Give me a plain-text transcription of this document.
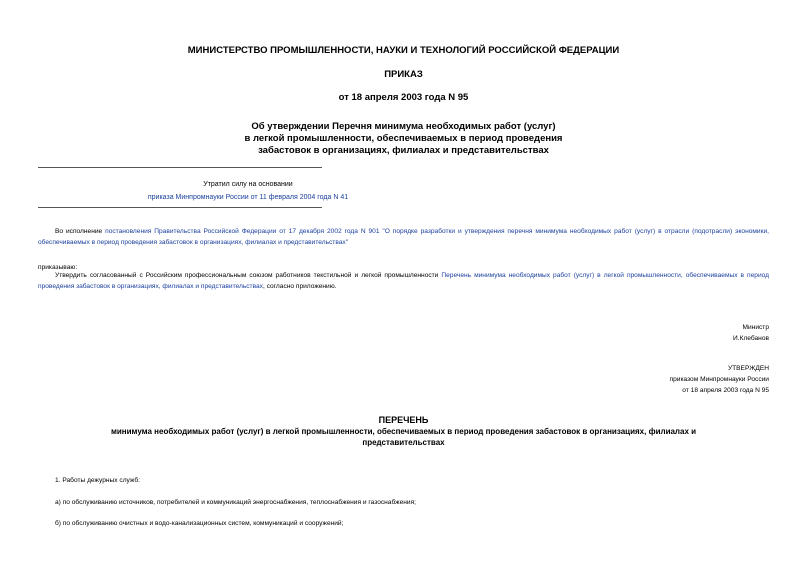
МИНИСТЕРСТВО ПРОМЫШЛЕННОСТИ, НАУКИ И ТЕХНОЛОГИЙ РОССИЙСКОЙ ФЕДЕРАЦИИ
ПРИКАЗ
от 18 апреля 2003 года N 95
Об утверждении Перечня минимума необходимых работ (услуг)
в легкой промышленности, обеспечиваемых в период проведения
забастовок в организациях, филиалах и представительствах
Утратил силу на основании
приказа Минпромнауки России от 11 февраля 2004 года N 41
Во исполнение постановления Правительства Российской Федерации от 17 декабря 2002 года N 901 "О порядке разработки и утверждения перечня минимума необходимых работ (услуг) в отрасли (подотрасли) экономики, обеспечиваемых в период проведения забастовок в организациях, филиалах и представительствах"
приказываю:
Утвердить согласованный с Российским профессиональным союзом работников текстильной и легкой промышленности Перечень минимума необходимых работ (услуг) в легкой промышленности, обеспечиваемых в период проведения забастовок в организациях, филиалах и представительствах, согласно приложению.
Министр
И.Клебанов
УТВЕРЖДЕН
приказом Минпромнауки России
от 18 апреля 2003 года N 95
ПЕРЕЧЕНЬ
минимума необходимых работ (услуг) в легкой промышленности, обеспечиваемых в период проведения забастовок в организациях, филиалах и представительствах
1. Работы дежурных служб:
а) по обслуживанию источников, потребителей и коммуникаций энергоснабжения, теплоснабжения и газоснабжения;
б) по обслуживанию очистных и водо-канализационных систем, коммуникаций и сооружений;
